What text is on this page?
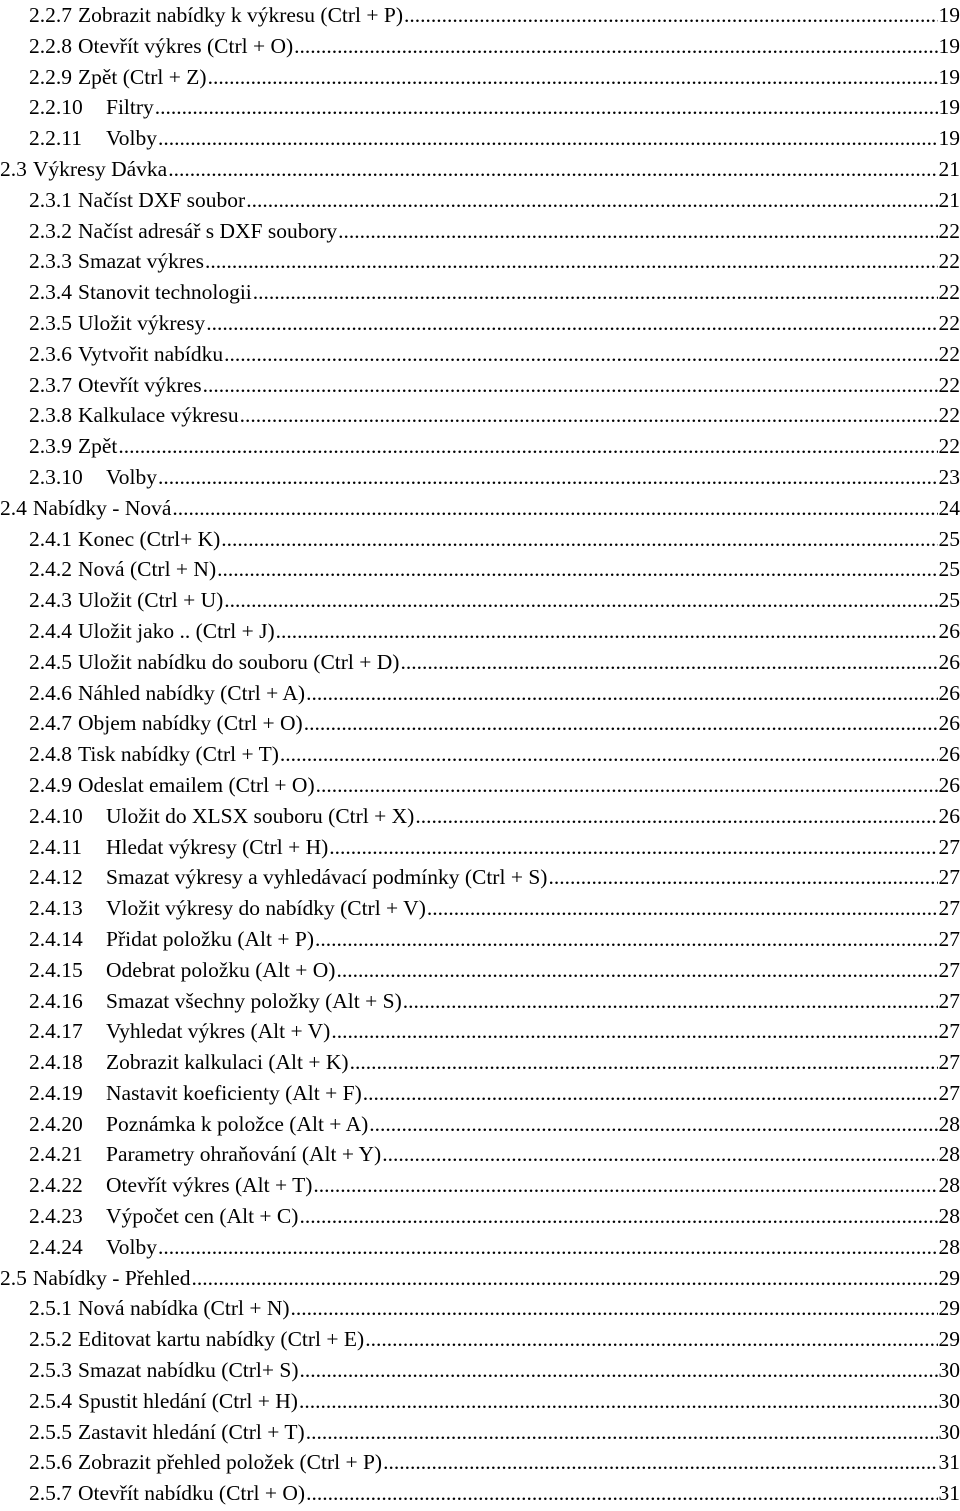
2.2.7 Zobrazit nabídky k výkresu (Ctrl + P) .....	19
2.2.8 Otevřít výkres (Ctrl + O) .....	19
2.2.9 Zpět (Ctrl + Z) .....	19
2.2.10	Filtry .....	19
2.2.11	Volby .....	19
2.3 Výkresy Dávka .....	21
2.3.1 Načíst DXF soubor .....	21
2.3.2 Načíst adresář s DXF soubory .....	22
2.3.3 Smazat výkres .....	22
2.3.4 Stanovit technologii .....	22
2.3.5 Uložit výkresy .....	22
2.3.6 Vytvořit nabídku .....	22
2.3.7 Otevřít výkres .....	22
2.3.8 Kalkulace výkresu .....	22
2.3.9 Zpět .....	22
2.3.10	Volby .....	23
2.4 Nabídky - Nová .....	24
2.4.1 Konec (Ctrl+ K) .....	25
2.4.2 Nová (Ctrl + N) .....	25
2.4.3 Uložit (Ctrl + U) .....	25
2.4.4 Uložit jako .. (Ctrl + J) .....	26
2.4.5 Uložit nabídku do souboru (Ctrl + D) .....	26
2.4.6 Náhled nabídky (Ctrl + A) .....	26
2.4.7 Objem nabídky (Ctrl + O) .....	26
2.4.8 Tisk nabídky (Ctrl + T) .....	26
2.4.9 Odeslat emailem (Ctrl + O) .....	26
2.4.10	Uložit do XLSX souboru (Ctrl + X) .....	26
2.4.11	Hledat výkresy (Ctrl + H) .....	27
2.4.12	Smazat výkresy a vyhledávací podmínky (Ctrl + S) .....	27
2.4.13	Vložit výkresy do nabídky (Ctrl + V) .....	27
2.4.14	Přidat položku (Alt + P) .....	27
2.4.15	Odebrat položku (Alt + O) .....	27
2.4.16	Smazat všechny položky (Alt + S) .....	27
2.4.17	Vyhledat výkres (Alt + V) .....	27
2.4.18	Zobrazit kalkulaci (Alt + K) .....	27
2.4.19	Nastavit koeficienty (Alt + F) .....	27
2.4.20	Poznámka k položce (Alt + A) .....	28
2.4.21	Parametry ohraňování (Alt + Y) .....	28
2.4.22	Otevřít výkres (Alt + T) .....	28
2.4.23	Výpočet cen (Alt + C) .....	28
2.4.24	Volby .....	28
2.5 Nabídky - Přehled .....	29
2.5.1 Nová nabídka (Ctrl + N) .....	29
2.5.2 Editovat kartu nabídky (Ctrl + E) .....	29
2.5.3 Smazat nabídku (Ctrl+ S) .....	30
2.5.4 Spustit hledání (Ctrl + H) .....	30
2.5.5 Zastavit hledání (Ctrl + T) .....	30
2.5.6 Zobrazit přehled položek (Ctrl + P) .....	31
2.5.7 Otevřít nabídku (Ctrl + O) .....	31
